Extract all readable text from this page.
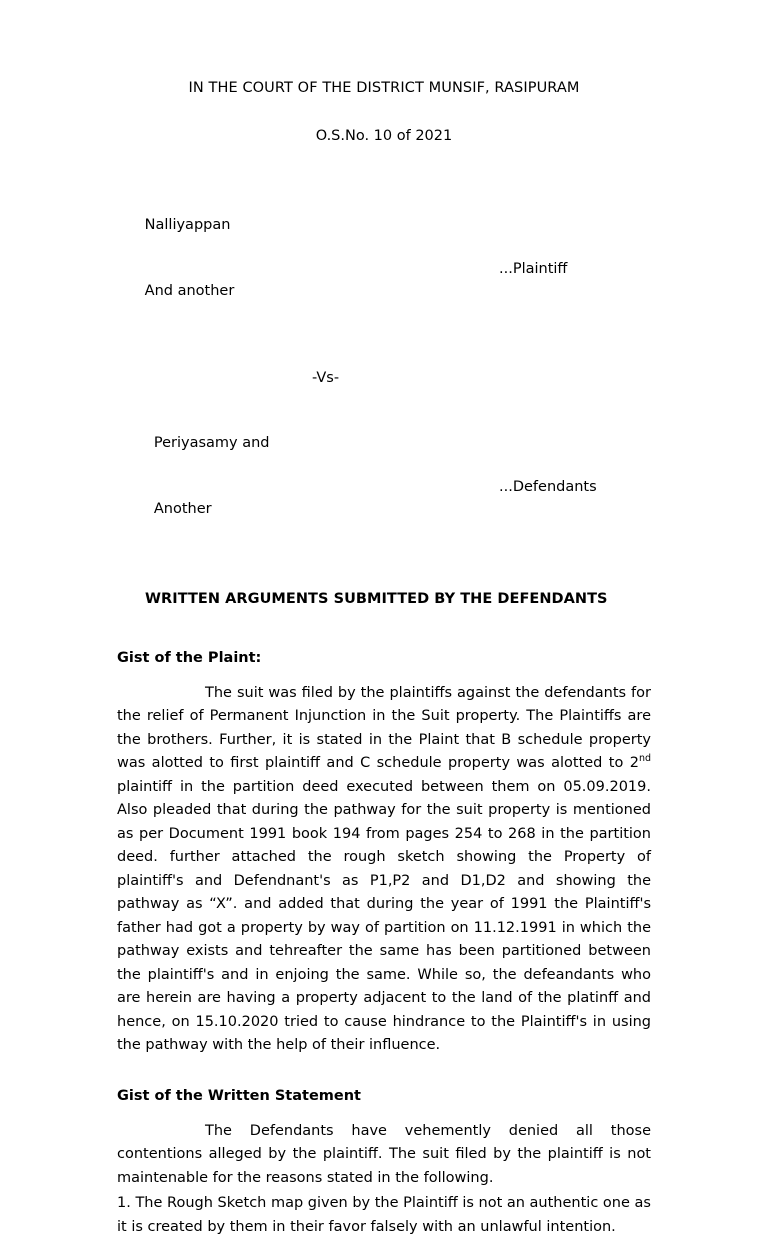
IN THE COURT OF THE DISTRICT MUNSIF, RASIPURAM
O.S.No. 10 of 2021

Nalliyappan

And another

...Plaintiff

-Vs-

Periyasamy and

Another

...Defendants

WRITTEN ARGUMENTS SUBMITTED BY THE DEFENDANTS
Gist of the Plaint:
The suit was filed by the plaintiffs against the defendants for the relief of Permanent Injunction in the Suit property. The Plaintiffs are the brothers. Further, it is stated in the Plaint that B schedule property was alotted to first plaintiff and C schedule property was alotted to 2nd plaintiff in the partition deed executed between them on 05.09.2019. Also pleaded that during the pathway for the suit property is mentioned as per Document 1991 book 194 from pages 254 to 268 in the partition deed. further attached the rough sketch showing the Property of plaintiff's and Defendnant's as P1,P2 and D1,D2 and showing the pathway as “X”. and added that during the year of 1991 the Plaintiff's father had got a property by way of partition on 11.12.1991 in which the pathway exists and tehreafter the same has been partitioned between the plaintiff's and in enjoing the same. While so, the defeandants who are herein are having a property adjacent to the land of the platinff and hence, on 15.10.2020 tried to cause hindrance to the Plaintiff's in using the pathway with the help of their influence.
Gist of the Written Statement
The Defendants have vehemently denied all those contentions alleged by the plaintiff. The suit filed by the plaintiff is not maintenable for the reasons stated in the following.
1. The Rough Sketch map given by the Plaintiff is not an authentic one as it is created by them in their favor falsely with an unlawful intention.
